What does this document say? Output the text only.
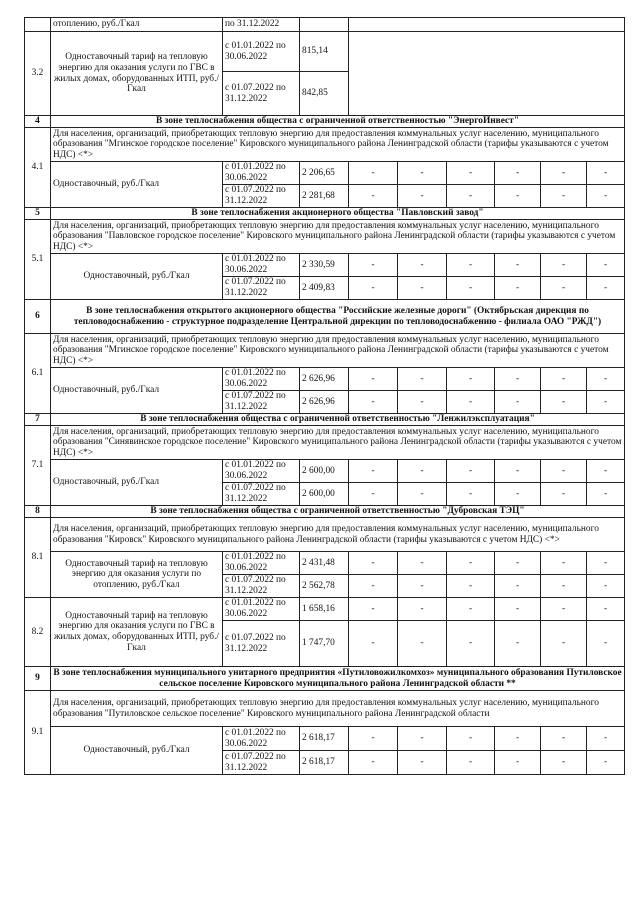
	отоплению, руб./Гкал	по 31.12.2022							
3.2	Одноставочный тариф на тепловую энергию для оказания услуги по ГВС в жилых домах, оборудованных ИТП, руб./Гкал	с 01.01.2022 по 30.06.2022	815,14						
		с 01.07.2022 по 31.12.2022	842,85						
4	В зоне теплоснабжения общества с ограниченной ответственностью "ЭнергоИнвест"								
4.1	Для населения, организаций, приобретающих тепловую энергию для предоставления коммунальных услуг населению, муниципального образования "Мгинское городское поселение" Кировского муниципального района Ленинградской области (тарифы указываются с учетом НДС) <*>								
	Одноставочный, руб./Гкал	с 01.01.2022 по 30.06.2022	2 206,65	-	-	-	-	-	-
		с 01.07.2022 по 31.12.2022	2 281,68	-	-	-	-	-	-
5	В зоне теплоснабжения акционерного общества "Павловский завод"								
5.1	Для населения, организаций, приобретающих тепловую энергию для предоставления коммунальных услуг населению, муниципального образования "Павловское городское поселение" Кировского муниципального района Ленинградской области (тарифы указываются с учетом НДС) <*>								
	Одноставочный, руб./Гкал	с 01.01.2022 по 30.06.2022	2 330,59	-	-	-	-	-	-
		с 01.07.2022 по 31.12.2022	2 409,83	-	-	-	-	-	-
6	В зоне теплоснабжения открытого акционерного общества "Российские железные дороги" (Октябрьская дирекция по тепловодоснабжению - структурное подразделение Центральной дирекции по тепловодоснабжению - филиала ОАО "РЖД")								
6.1	Для населения, организаций, приобретающих тепловую энергию для предоставления коммунальных услуг населению, муниципального образования "Мгинское городское поселение" Кировского муниципального района Ленинградской области (тарифы указываются с учетом НДС) <*>								
	Одноставочный, руб./Гкал	с 01.01.2022 по 30.06.2022	2 626,96	-	-	-	-	-	-
		с 01.07.2022 по 31.12.2022	2 626,96	-	-	-	-	-	-
7	В зоне теплоснабжения общества с ограниченной ответственностью "Ленжилэксплуатация"								
7.1	Для населения, организаций, приобретающих тепловую энергию для предоставления коммунальных услуг населению, муниципального образования "Синявинское городское поселение" Кировского муниципального района Ленинградской области (тарифы указываются с учетом НДС) <*>								
	Одноставочный, руб./Гкал	с 01.01.2022 по 30.06.2022	2 600,00	-	-	-	-	-	-
		с 01.07.2022 по 31.12.2022	2 600,00	-	-	-	-	-	-
8	В зоне теплоснабжения общества с ограниченной ответственностью "Дубровская ТЭЦ"								
8.1	Для населения, организаций, приобретающих тепловую энергию для предоставления коммунальных услуг населению, муниципального образования "Кировск" Кировского муниципального района Ленинградской области (тарифы указываются с учетом НДС) <*>								
	Одноставочный тариф на тепловую энергию для оказания услуги по отоплению, руб./Гкал	с 01.01.2022 по 30.06.2022	2 431,48	-	-	-	-	-	-
		с 01.07.2022 по 31.12.2022	2 562,78	-	-	-	-	-	-
8.2	Одноставочный тариф на тепловую энергию для оказания услуги по ГВС в жилых домах, оборудованных ИТП, руб./Гкал	с 01.01.2022 по 30.06.2022	1 658,16	-	-	-	-	-	-
		с 01.07.2022 по 31.12.2022	1 747,70	-	-	-	-	-	-
9	В зоне теплоснабжения муниципального унитарного предприятия «Путиловожилкомхоз» муниципального образования Путиловское сельское поселение Кировского муниципального района Ленинградской области **								
9.1	Для населения, организаций, приобретающих тепловую энергию для предоставления коммунальных услуг населению, муниципального образования "Путиловское сельское поселение" Кировского муниципального района Ленинградской области								
	Одноставочный, руб./Гкал	с 01.01.2022 по 30.06.2022	2 618,17	-	-	-	-	-	-
		с 01.07.2022 по 31.12.2022	2 618,17	-	-	-	-	-	-
